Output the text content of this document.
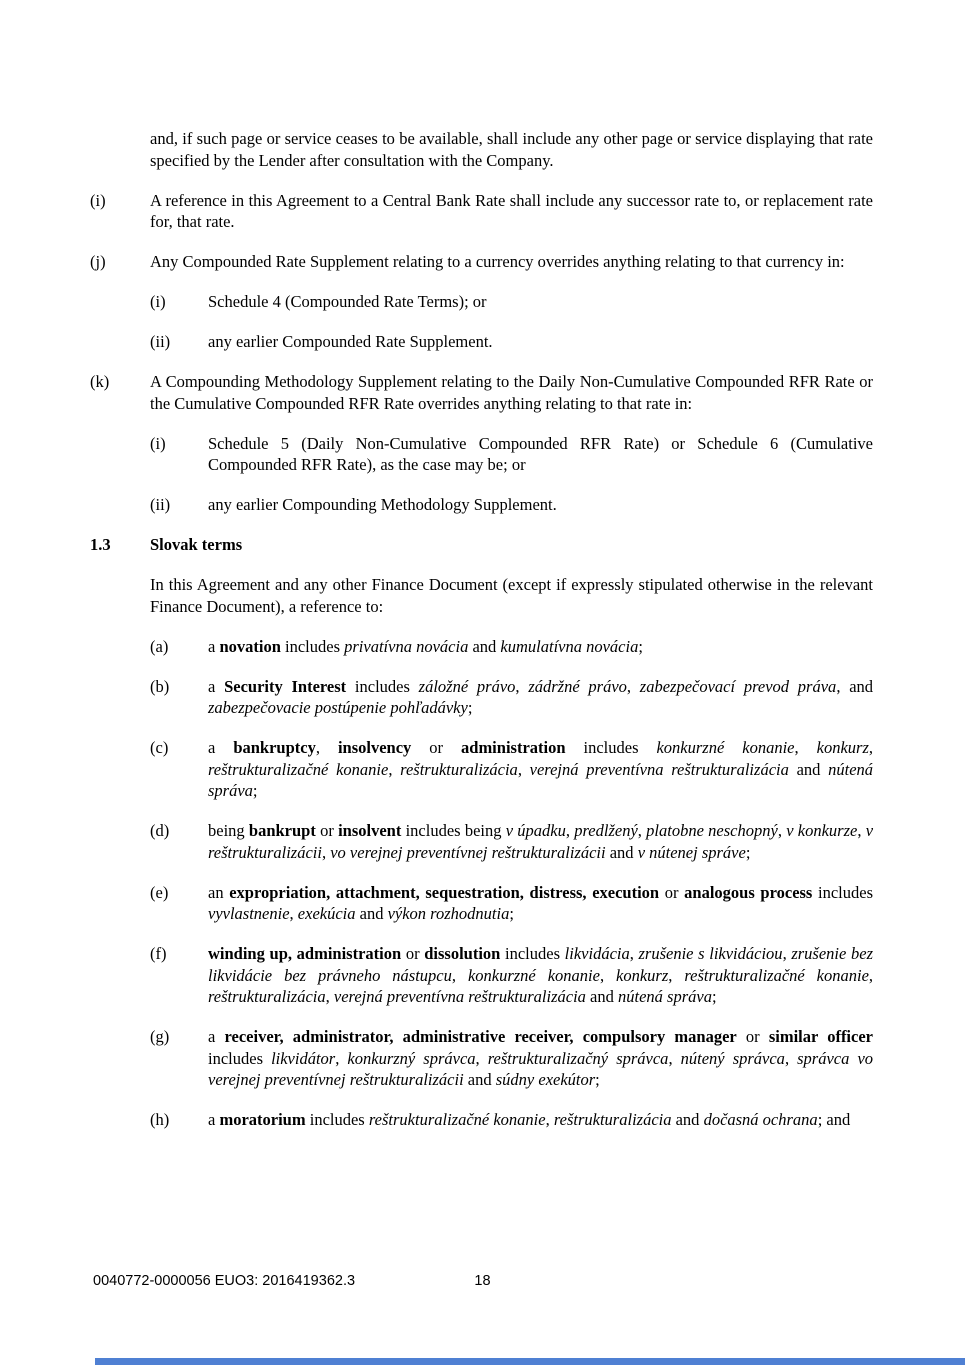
and, if such page or service ceases to be available, shall include any other page or service displaying that rate specified by the Lender after consultation with the Company.
(i)	A reference in this Agreement to a Central Bank Rate shall include any successor rate to, or replacement rate for, that rate.
(j)	Any Compounded Rate Supplement relating to a currency overrides anything relating to that currency in:
(i)	Schedule 4 (Compounded Rate Terms); or
(ii) any earlier Compounded Rate Supplement.
(k) A Compounding Methodology Supplement relating to the Daily Non-Cumulative Compounded RFR Rate or the Cumulative Compounded RFR Rate overrides anything relating to that rate in:
(i)	Schedule 5 (Daily Non-Cumulative Compounded RFR Rate) or Schedule 6 (Cumulative Compounded RFR Rate), as the case may be; or
(ii) any earlier Compounding Methodology Supplement.
1.3 Slovak terms
In this Agreement and any other Finance Document (except if expressly stipulated otherwise in the relevant Finance Document), a reference to:
(a) a novation includes privatívna novácia and kumulatívna novácia;
(b) a Security Interest includes záložné právo, zádržné právo, zabezpečovací prevod práva, and zabezpečovacie postúpenie pohľadávky;
(c) a bankruptcy, insolvency or administration includes konkurzné konanie, konkurz, reštrukturalizačné konanie, reštrukturalizácia, verejná preventívna reštrukturalizácia and nútená správa;
(d) being bankrupt or insolvent includes being v úpadku, predlžený, platobne neschopný, v konkurze, v reštrukturalizácii, vo verejnej preventívnej reštrukturalizácii and v nútenej správe;
(e) an expropriation, attachment, sequestration, distress, execution or analogous process includes vyvlastnenie, exekúcia and výkon rozhodnutia;
(f)	winding up, administration or dissolution includes likvidácia, zrušenie s likvidáciou, zrušenie bez likvidácie bez právneho nástupcu, konkurzné konanie, konkurz, reštrukturalizačné konanie, reštrukturalizácia, verejná preventívna reštrukturalizácia and nútená správa;
(g) a receiver, administrator, administrative receiver, compulsory manager or similar officer includes likvidátor, konkurzný správca, reštrukturalizačný správca, nútený správca, správca vo verejnej preventívnej reštrukturalizácii and súdny exekútor;
(h) a moratorium includes reštrukturalizačné konanie, reštrukturalizácia and dočasná ochrana; and
18
0040772-0000056 EUO3: 2016419362.3
